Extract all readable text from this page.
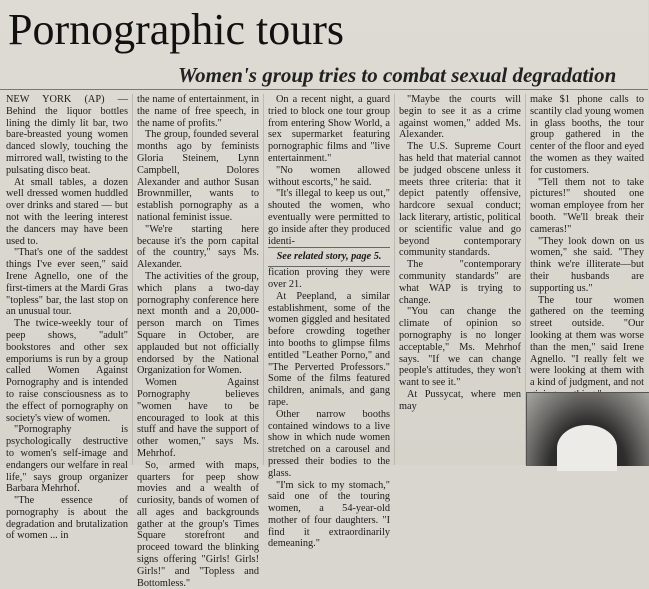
Pornographic tours
Women's group tries to combat sexual degradation

NEW YORK (AP) — Behind the liquor bottles lining the dimly lit bar, two bare-breasted young women danced slowly, touching the mirrored wall, twisting to the pulsating disco beat.

At small tables, a dozen well dressed women huddled over drinks and stared — but not with the leering interest the dancers may have been used to.

"That's one of the saddest things I've ever seen," said Irene Agnello, one of the first-timers at the Mardi Gras "topless" bar, the last stop on an unusual tour.

The twice-weekly tour of peep shows, "adult" bookstores and other sex emporiums is run by a group called Women Against Pornography and is intended to raise consciousness as to the effect of pornography on society's view of women.

"Pornography is psychologically destructive to women's self-image and endangers our welfare in real life," says group organizer Barbara Mehrhof.

"The essence of pornography is about the degradation and brutalization of women ... in

the name of entertainment, in the name of free speech, in the name of profits."

The group, founded several months ago by feminists Gloria Steinem, Lynn Campbell, Dolores Alexander and author Susan Brownmiller, wants to establish pornography as a national feminist issue.

"We're starting here because it's the porn capital of the country," says Ms. Alexander.

The activities of the group, which plans a two-day pornography conference here next month and a 20,000-person march on Times Square in October, are applauded but not officially endorsed by the National Organization for Women.

Women Against Pornography believes "women have to be encouraged to look at this stuff and have the support of other women," says Ms. Mehrhof.

So, armed with maps, quarters for peep show movies and a wealth of curiosity, bands of women of all ages and backgrounds gather at the group's Times Square storefront and proceed toward the blinking signs offering "Girls! Girls! Girls!" and "Topless and Bottomless."

On a recent night, a guard tried to block one tour group from entering Show World, a sex supermarket featuring pornographic films and "live entertainment."

"No women allowed without escorts," he said.

"It's illegal to keep us out," shouted the women, who eventually were permitted to go inside after they produced identi-

See related story, page 5.

fication proving they were over 21.

At Peepland, a similar establishment, some of the women giggled and hesitated before crowding together into booths to glimpse films entitled "Leather Porno," and "The Perverted Professors." Some of the films featured children, animals, and gang rape.

Other narrow booths contained windows to a live show in which nude women stretched on a carousel and pressed their bodies to the glass.

"I'm sick to my stomach," said one of the touring women, a 54-year-old mother of four daughters. "I find it extraordinarily demeaning."

"Maybe the courts will begin to see it as a crime against women," added Ms. Alexander.

The U.S. Supreme Court has held that material cannot be judged obscene unless it meets three criteria: that it depict patently offensive, hardcore sexual conduct; lack literary, artistic, political or scientific value and go beyond contemporary community standards.

The "contemporary community standards" are what WAP is trying to change.

"You can change the climate of opinion so pornography is no longer acceptable," Ms. Mehrhof says. "If we can change people's attitudes, they won't want to see it."

At Pussycat, where men may

make $1 phone calls to scantily clad young women in glass booths, the tour group gathered in the center of the floor and eyed the women as they waited for customers.

"Tell them not to take pictures!" shouted one woman employee from her booth. "We'll break their cameras!"

"They look down on us women," she said. "They think we're illiterate—but their husbands are supporting us."

The tour women gathered on the teeming street outside. "Our looking at them was worse than the men," said Irene Agnello. "I really felt we were looking at them with a kind of judgment, and not
